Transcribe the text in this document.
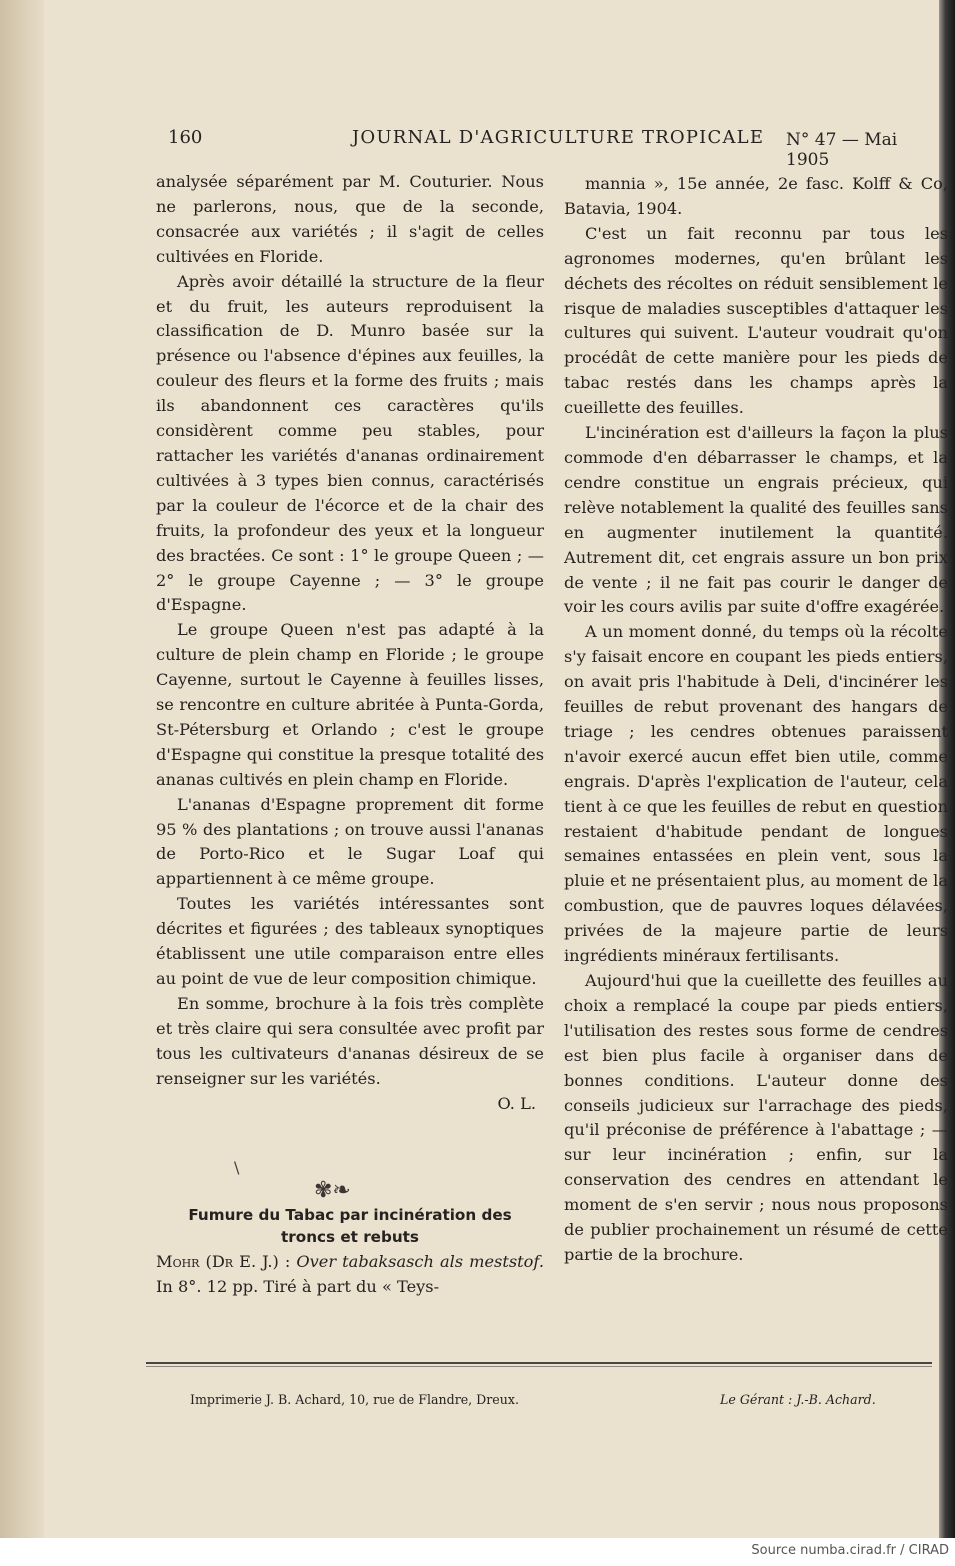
160	JOURNAL D'AGRICULTURE TROPICALE N° 47 — Mai 1905

analysée séparément par M. Couturier. Nous ne parlerons, nous, que de la seconde, consacrée aux variétés ; il s'agit de celles cultivées en Floride.

Après avoir détaillé la structure de la fleur et du fruit, les auteurs reproduisent la classification de D. Munro basée sur la présence ou l'absence d'épines aux feuilles, la couleur des fleurs et la forme des fruits ; mais ils abandonnent ces caractères qu'ils considèrent comme peu stables, pour rattacher les variétés d'ananas ordinairement cultivées à 3 types bien connus, caractérisés par la couleur de l'écorce et de la chair des fruits, la profondeur des yeux et la longueur des bractées. Ce sont : 1° le groupe Queen ; — 2° le groupe Cayenne ; — 3° le groupe d'Espagne.

Le groupe Queen n'est pas adapté à la culture de plein champ en Floride ; le groupe Cayenne, surtout le Cayenne à feuilles lisses, se rencontre en culture abritée à Punta-Gorda, St-Pétersburg et Orlando ; c'est le groupe d'Espagne qui constitue la presque totalité des ananas cultivés en plein champ en Floride.

L'ananas d'Espagne proprement dit forme 95 % des plantations ; on trouve aussi l'ananas de Porto-Rico et le Sugar Loaf qui appartiennent à ce même groupe.

Toutes les variétés intéressantes sont décrites et figurées ; des tableaux synoptiques établissent une utile comparaison entre elles au point de vue de leur composition chimique.

En somme, brochure à la fois très complète et très claire qui sera consultée avec profit par tous les cultivateurs d'ananas désireux de se renseigner sur les variétés.

O. L.

Fumure du Tabac par incinération des
troncs et rebuts

Mohr (Dr E. J.) : Over tabaksasch als meststof. In 8°. 12 pp. Tiré à part du « Teys-

\
✾❧

mannia », 15e année, 2e fasc. Kolff & Co, Batavia, 1904.

C'est un fait reconnu par tous les agronomes modernes, qu'en brûlant les déchets des récoltes on réduit sensiblement le risque de maladies susceptibles d'attaquer les cultures qui suivent. L'auteur voudrait qu'on procédât de cette manière pour les pieds de tabac restés dans les champs après la cueillette des feuilles.

L'incinération est d'ailleurs la façon la plus commode d'en débarrasser le champs, et la cendre constitue un engrais précieux, qui relève notablement la qualité des feuilles sans en augmenter inutilement la quantité. Autrement dit, cet engrais assure un bon prix de vente ; il ne fait pas courir le danger de voir les cours avilis par suite d'offre exagérée.

A un moment donné, du temps où la récolte s'y faisait encore en coupant les pieds entiers, on avait pris l'habitude à Deli, d'incinérer les feuilles de rebut provenant des hangars de triage ; les cendres obtenues paraissent n'avoir exercé aucun effet bien utile, comme engrais. D'après l'explication de l'auteur, cela tient à ce que les feuilles de rebut en question restaient d'habitude pendant de longues semaines entassées en plein vent, sous la pluie et ne présentaient plus, au moment de la combustion, que de pauvres loques délavées, privées de la majeure partie de leurs ingrédients minéraux fertilisants.

Aujourd'hui que la cueillette des feuilles au choix a remplacé la coupe par pieds entiers, l'utilisation des restes sous forme de cendres est bien plus facile à organiser dans de bonnes conditions. L'auteur donne des conseils judicieux sur l'arrachage des pieds, qu'il préconise de préférence à l'abattage ; — sur leur incinération ; enfin, sur la conservation des cendres en attendant le moment de s'en servir ; nous nous proposons de publier prochainement un résumé de cette partie de la brochure.

Imprimerie J. B. Achard, 10, rue de Flandre, Dreux.	Le Gérant : J.-B. Achard.
Source numba.cirad.fr / CIRAD
